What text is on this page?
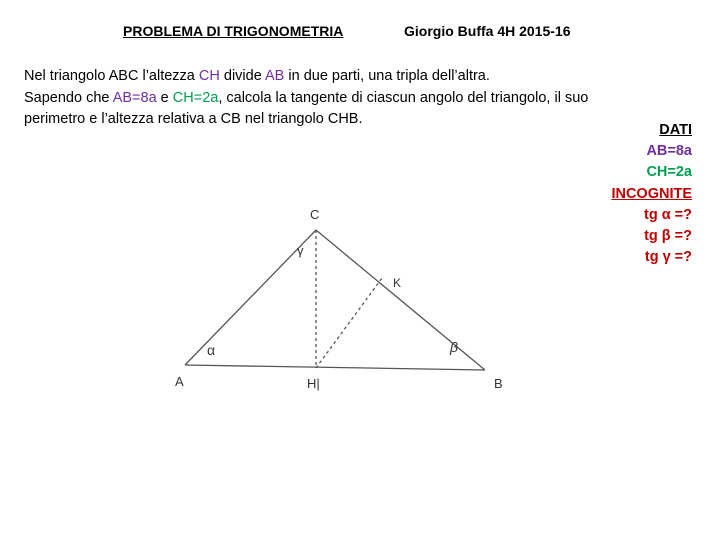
PROBLEMA DI TRIGONOMETRIA	Giorgio Buffa 4H 2015-16
Nel triangolo ABC l’altezza CH divide AB in due parti, una tripla dell’altra.
Sapendo che AB=8a e CH=2a, calcola la tangente di ciascun angolo del triangolo, il suo
perimetro e l’altezza relativa a CB nel triangolo CHB.
DATI
AB=8a
CH=2a
INCOGNITE
tg α =?
tg β =?
tg γ =?
A	B
C
H|
K
α	β
γ
